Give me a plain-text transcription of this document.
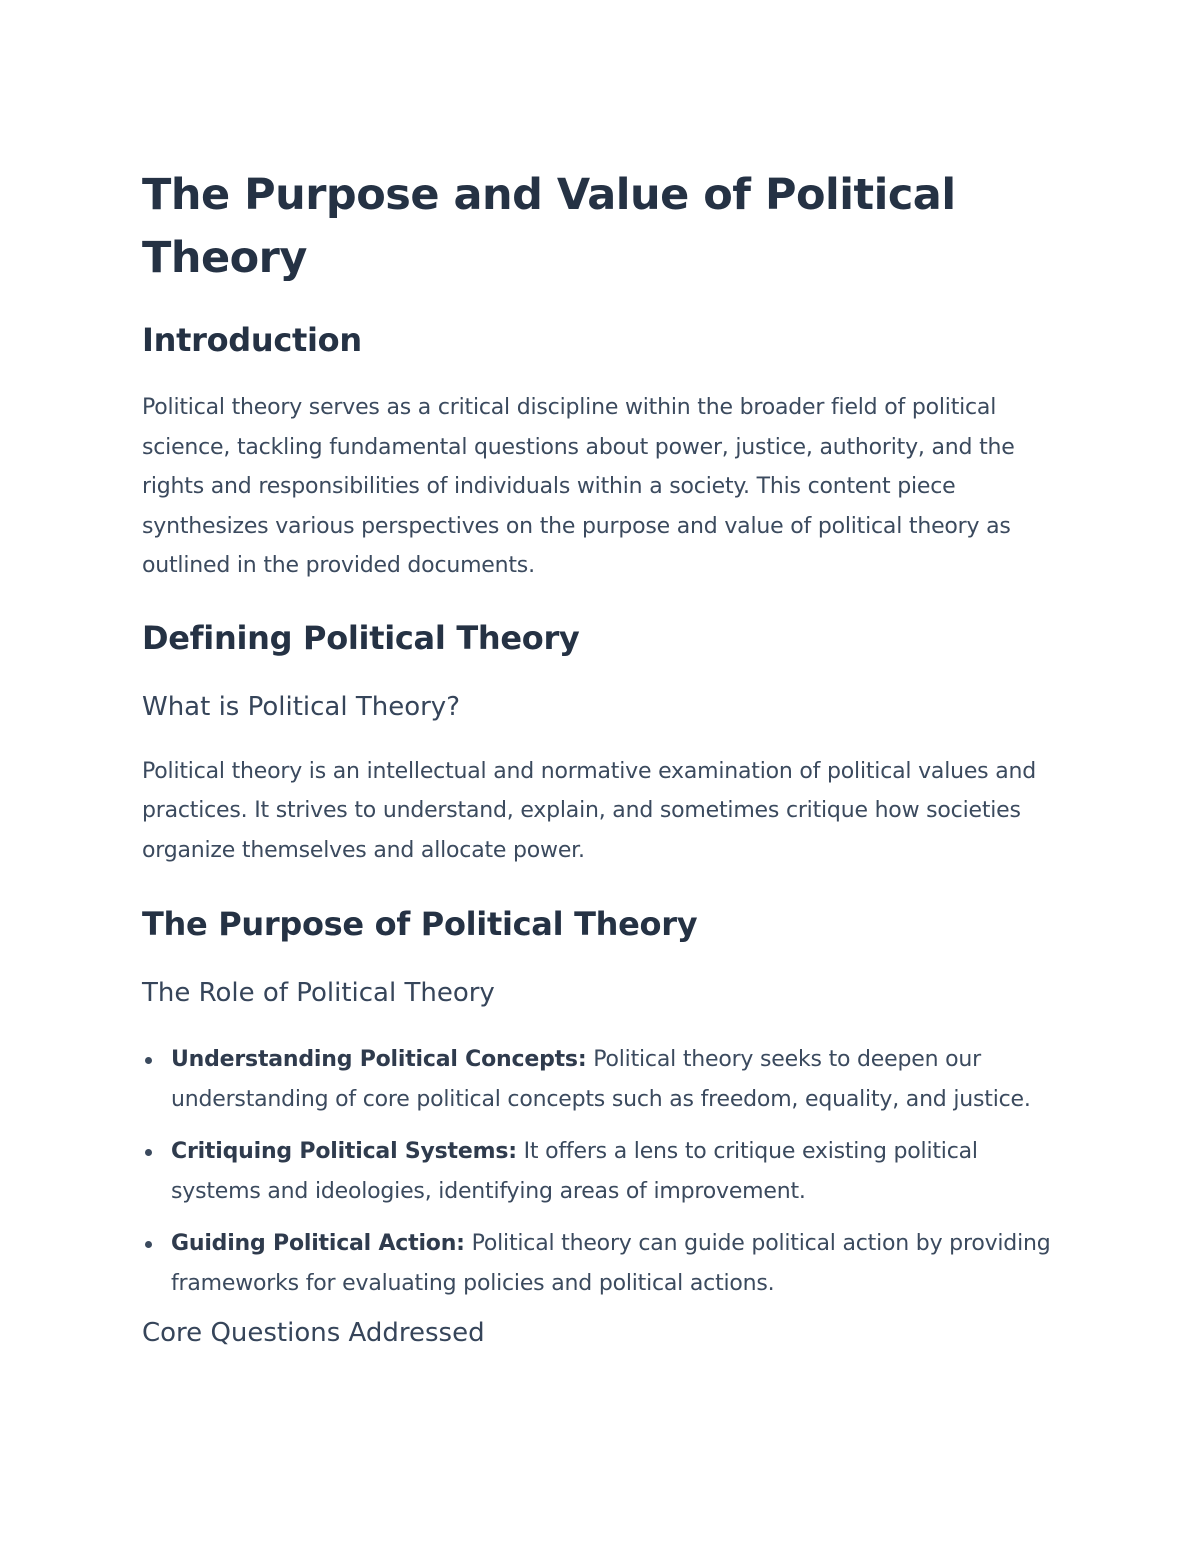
The Purpose and Value of Political Theory
Introduction

Political theory serves as a critical discipline within the broader field of political science, tackling fundamental questions about power, justice, authority, and the rights and responsibilities of individuals within a society. This content piece synthesizes various perspectives on the purpose and value of political theory as outlined in the provided documents.

Defining Political Theory
What is Political Theory?

Political theory is an intellectual and normative examination of political values and practices. It strives to understand, explain, and sometimes critique how societies organize themselves and allocate power.

The Purpose of Political Theory
The Role of Political Theory
Understanding Political Concepts: Political theory seeks to deepen our understanding of core political concepts such as freedom, equality, and justice.
Critiquing Political Systems: It offers a lens to critique existing political systems and ideologies, identifying areas of improvement.
Guiding Political Action: Political theory can guide political action by providing frameworks for evaluating policies and political actions.
Core Questions Addressed
